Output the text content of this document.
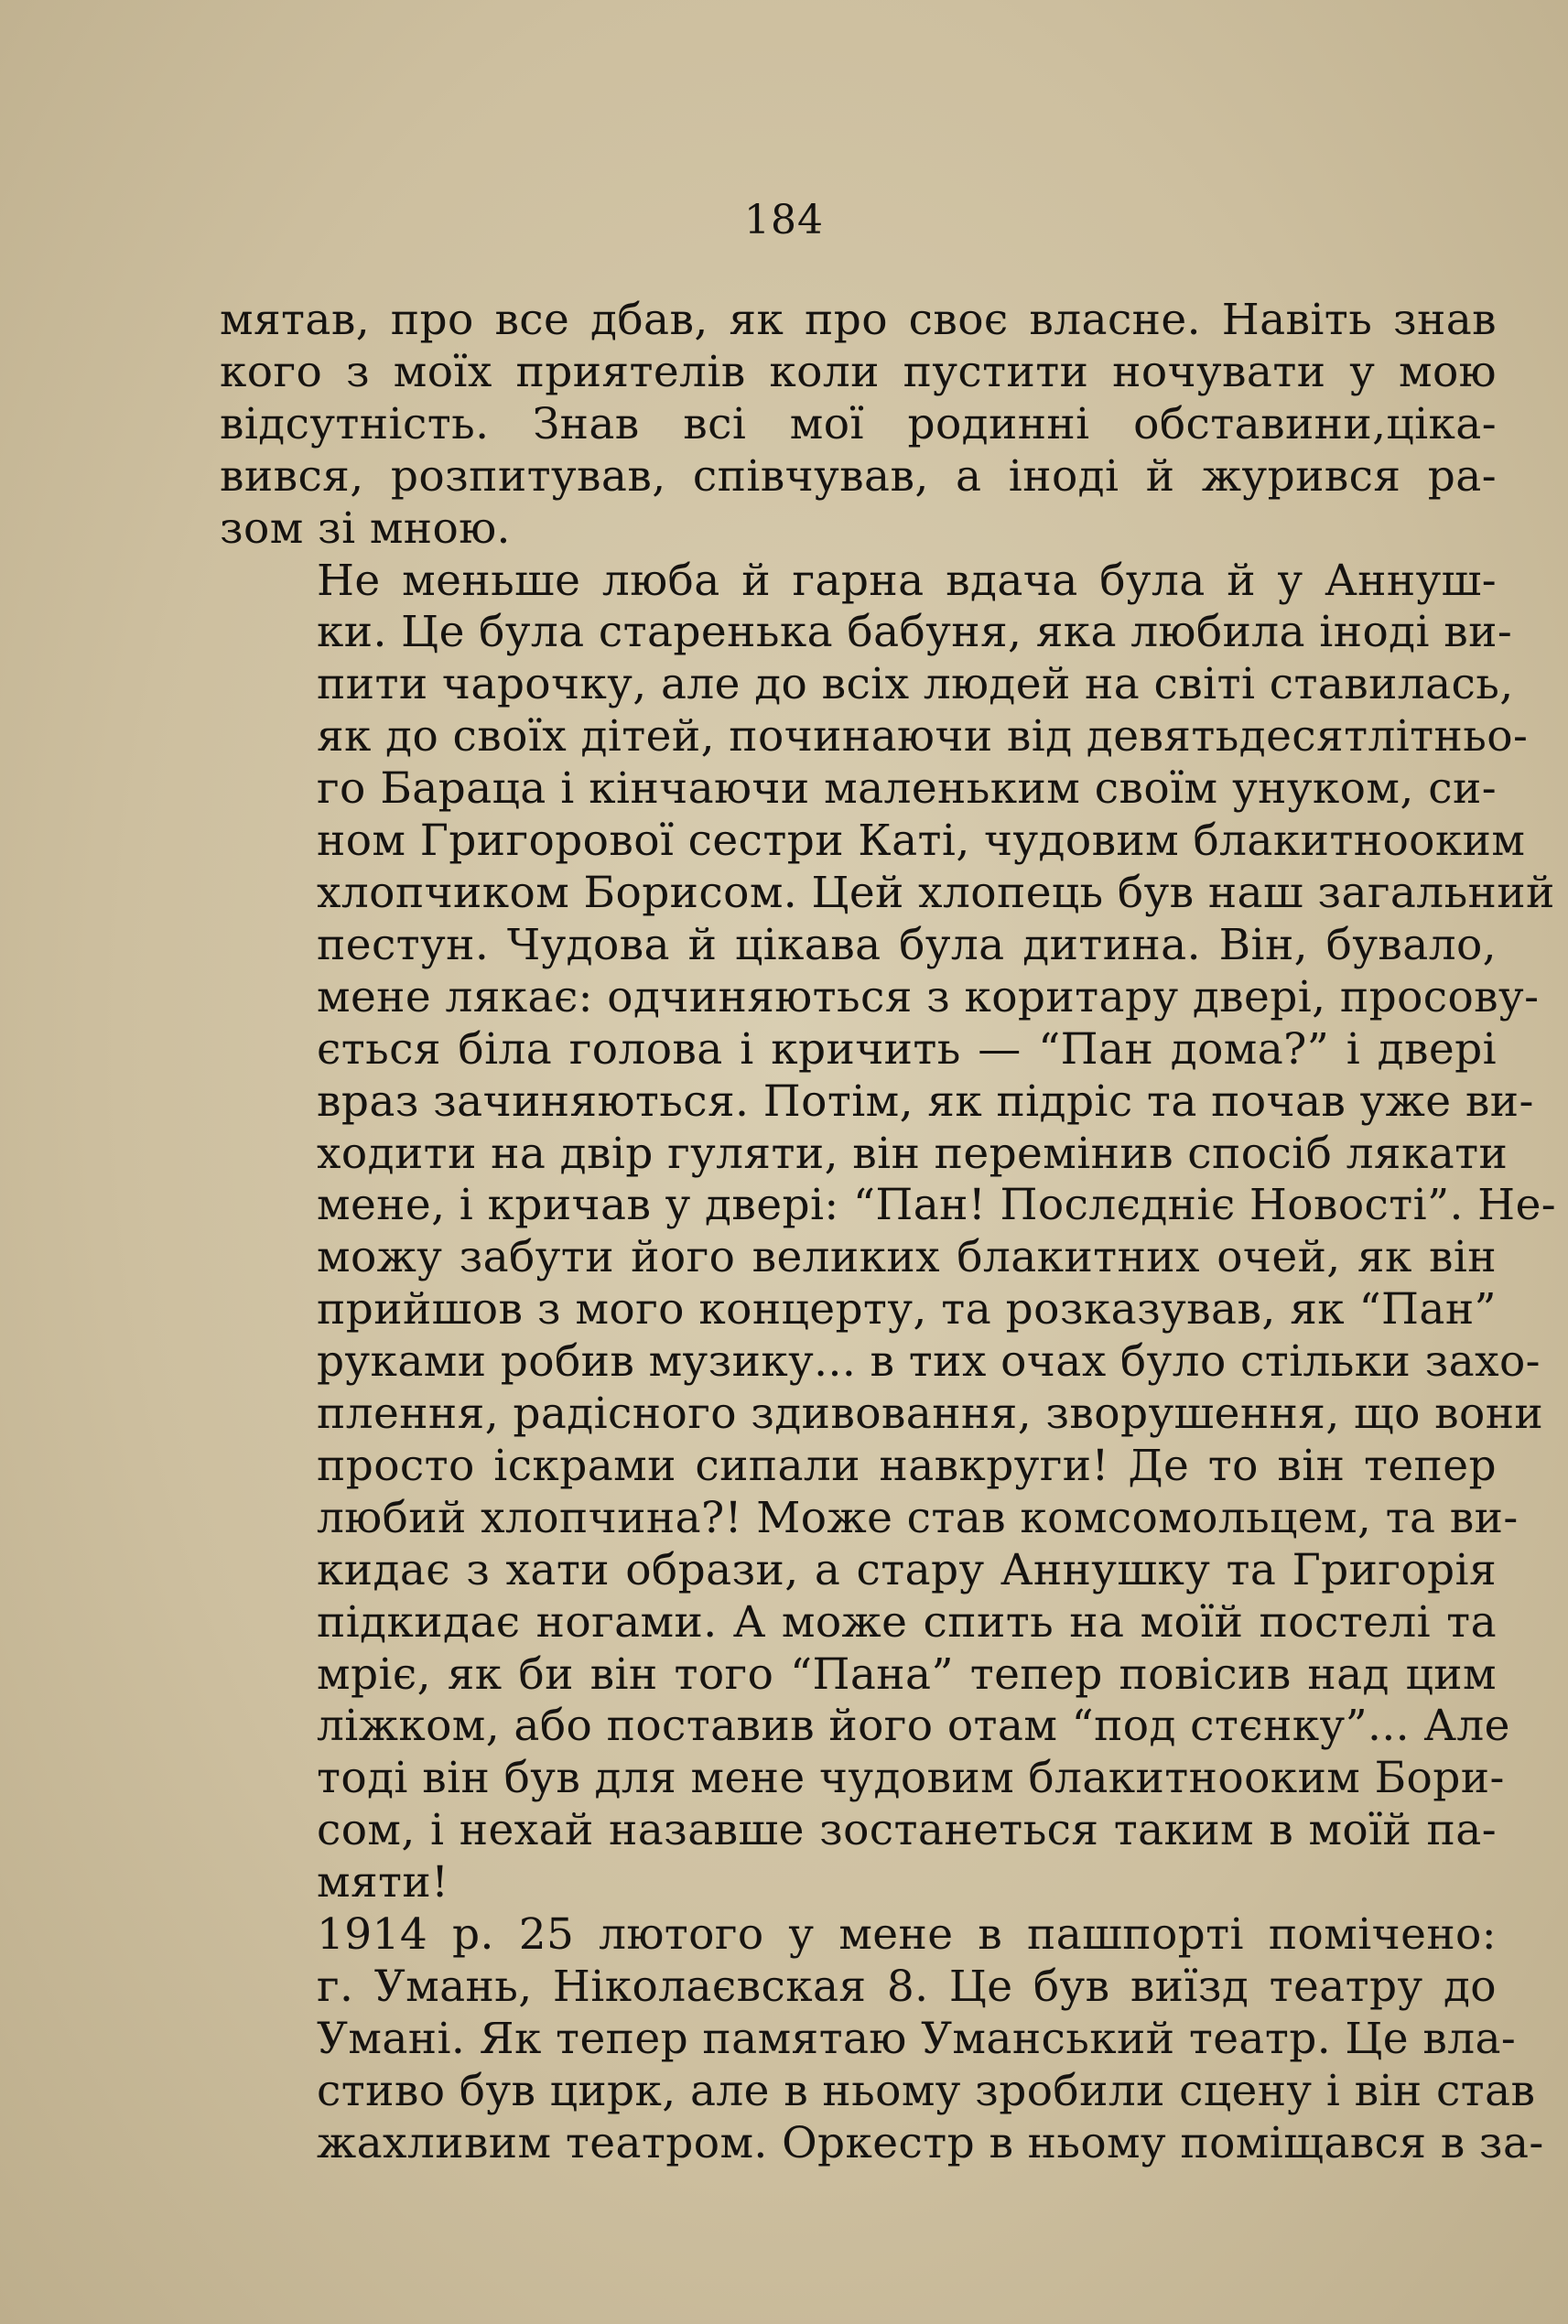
184

мятав, про все дбав, як про своє власне. Навіть знав
кого з моїх приятелів коли пустити ночувати у мою
відсутність. Знав всі мої родинні обставини,ціка-
вився, розпитував, співчував, а іноді й журився ра-
зом зі мною.

Не меньше люба й гарна вдача була й у Аннуш-
ки. Це була старенька бабуня, яка любила іноді ви-
пити чарочку, але до всіх людей на світі ставилась,
як до своїх дітей, починаючи від девятьдесятлітньо-
го Бараца і кінчаючи маленьким своїм унуком, си-
ном Григорової сестри Каті, чудовим блакитнооким
хлопчиком Борисом. Цей хлопець був наш загальний
пестун. Чудова й цікава була дитина. Він, бувало,
мене лякає: одчиняються з коритару двері, просову-
ється біла голова і кричить — “Пан дома?” і двері
враз зачиняються. Потім, як підріс та почав уже ви-
ходити на двір гуляти, він перемінив спосіб лякати
мене, і кричав у двері: “Пан! Послєдніє Новості”. Не-
можу забути його великих блакитних очей, як він
прийшов з мого концерту, та розказував, як “Пан”
руками робив музику... в тих очах було стільки захо-
плення, радісного здивовання, зворушення, що вони
просто іскрами сипали навкруги! Де то він тепер
любий хлопчина?! Може став комсомольцем, та ви-
кидає з хати образи, а стару Аннушку та Григорія
підкидає ногами. А може спить на моїй постелі та
мріє, як би він того “Пана” тепер повісив над цим
ліжком, або поставив його отам “под стєнку”... Але
тоді він був для мене чудовим блакитнооким Бори-
сом, і нехай назавше зостанеться таким в моїй па-
мяти!

1914 р. 25 лютого у мене в пашпорті помічено:
г. Умань, Ніколаєвская 8. Це був виїзд театру до
Умані. Як тепер памятаю Уманський театр. Це вла-
стиво був цирк, але в ньому зробили сцену і він став
жахливим театром. Оркестр в ньому поміщався в за-
